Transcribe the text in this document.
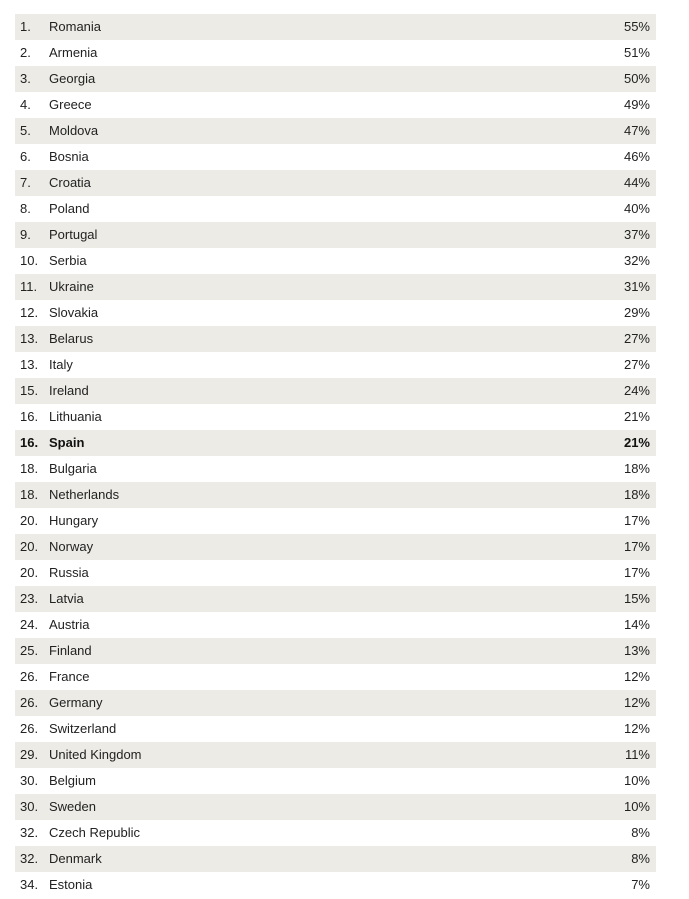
1.	Romania	55%
2.	Armenia	51%
3.	Georgia	50%
4.	Greece	49%
5.	Moldova	47%
6.	Bosnia	46%
7.	Croatia	44%
8.	Poland	40%
9.	Portugal	37%
10. Serbia	32%
11. Ukraine	31%
12. Slovakia	29%
13. Belarus	27%
13. Italy	27%
15. Ireland	24%
16. Lithuania	21%
16. Spain	21%
18. Bulgaria	18%
18. Netherlands	18%
20. Hungary	17%
20. Norway	17%
20. Russia	17%
23. Latvia	15%
24. Austria	14%
25. Finland	13%
26. France	12%
26. Germany	12%
26. Switzerland	12%
29. United Kingdom	11%
30. Belgium	10%
30. Sweden	10%
32. Czech Republic	8%
32. Denmark	8%
34. Estonia	7%
